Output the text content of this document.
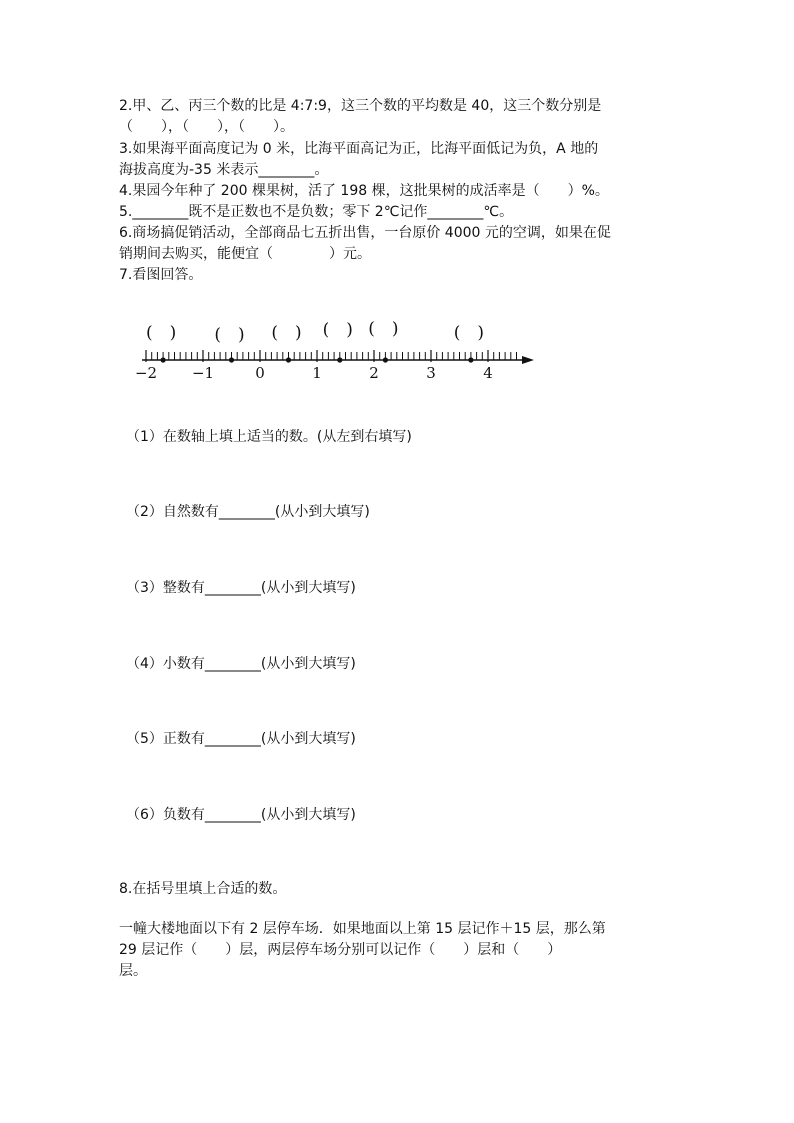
2.甲、乙、丙三个数的比是 4:7:9，这三个数的平均数是 40，这三个数分别是
（　　），（　　），（　　）。
3.如果海平面高度记为 0 米，比海平面高记为正，比海平面低记为负，A 地的
海拔高度为-35 米表示________。
4.果园今年种了 200 棵果树，活了 198 棵，这批果树的成活率是（　　）%。
5.________既不是正数也不是负数；零下 2℃记作________℃。
6.商场搞促销活动，全部商品七五折出售，一台原价 4000 元的空调，如果在促
销期间去购买，能便宜（　　　　）元。
7.看图回答。
−2 −1	0	1	2	3	4
(　) (　) (　) (　) (　)	(　)
（1）在数轴上填上适当的数。(从左到右填写)
（2）自然数有________(从小到大填写)
（3）整数有________(从小到大填写)
（4）小数有________(从小到大填写)
（5）正数有________(从小到大填写)
（6）负数有________(从小到大填写)
8.在括号里填上合适的数。
一幢大楼地面以下有 2 层停车场．如果地面以上第 15 层记作＋15 层，那么第
29 层记作（　　）层，两层停车场分别可以记作（　　）层和（　　）
层。
